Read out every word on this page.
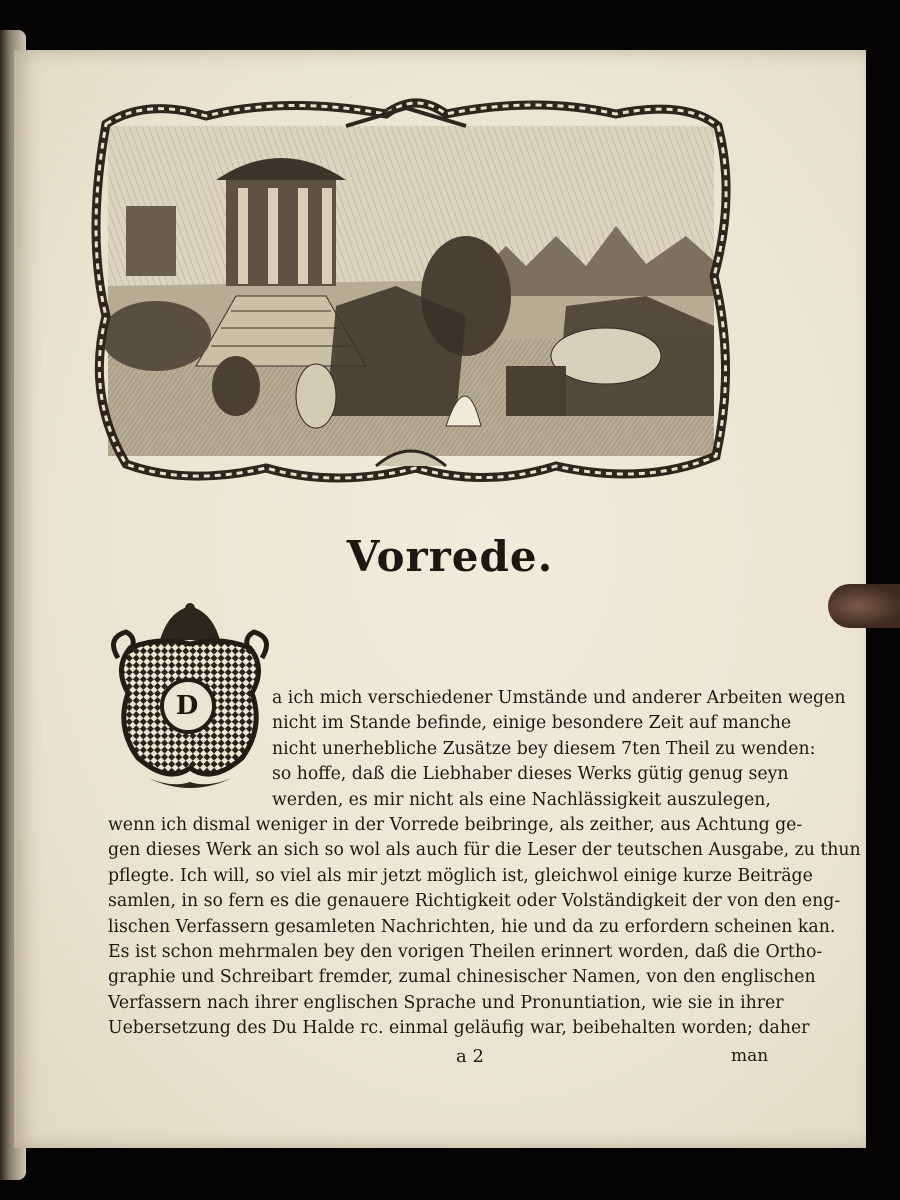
Vorrede.
D	a ich mich verschiedener Umstände und anderer Arbeiten wegen
nicht im Stande befinde, einige besondere Zeit auf manche
nicht unerhebliche Zusätze bey diesem 7ten Theil zu wenden:
so hoffe, daß die Liebhaber dieses Werks gütig genug seyn
werden, es mir nicht als eine Nachlässigkeit auszulegen,
wenn ich dismal weniger in der Vorrede beibringe, als zeither, aus Achtung ge-
gen dieses Werk an sich so wol als auch für die Leser der teutschen Ausgabe, zu thun
pflegte. Ich will, so viel als mir jetzt möglich ist, gleichwol einige kurze Beiträge
samlen, in so fern es die genauere Richtigkeit oder Volständigkeit der von den eng-
lischen Verfassern gesamleten Nachrichten, hie und da zu erfordern scheinen kan.
Es ist schon mehrmalen bey den vorigen Theilen erinnert worden, daß die Ortho-
graphie und Schreibart fremder, zumal chinesischer Namen, von den englischen
Verfassern nach ihrer englischen Sprache und Pronuntiation, wie sie in ihrer
Uebersetzung des Du Halde rc. einmal geläufig war, beibehalten worden; daher
a 2	man
